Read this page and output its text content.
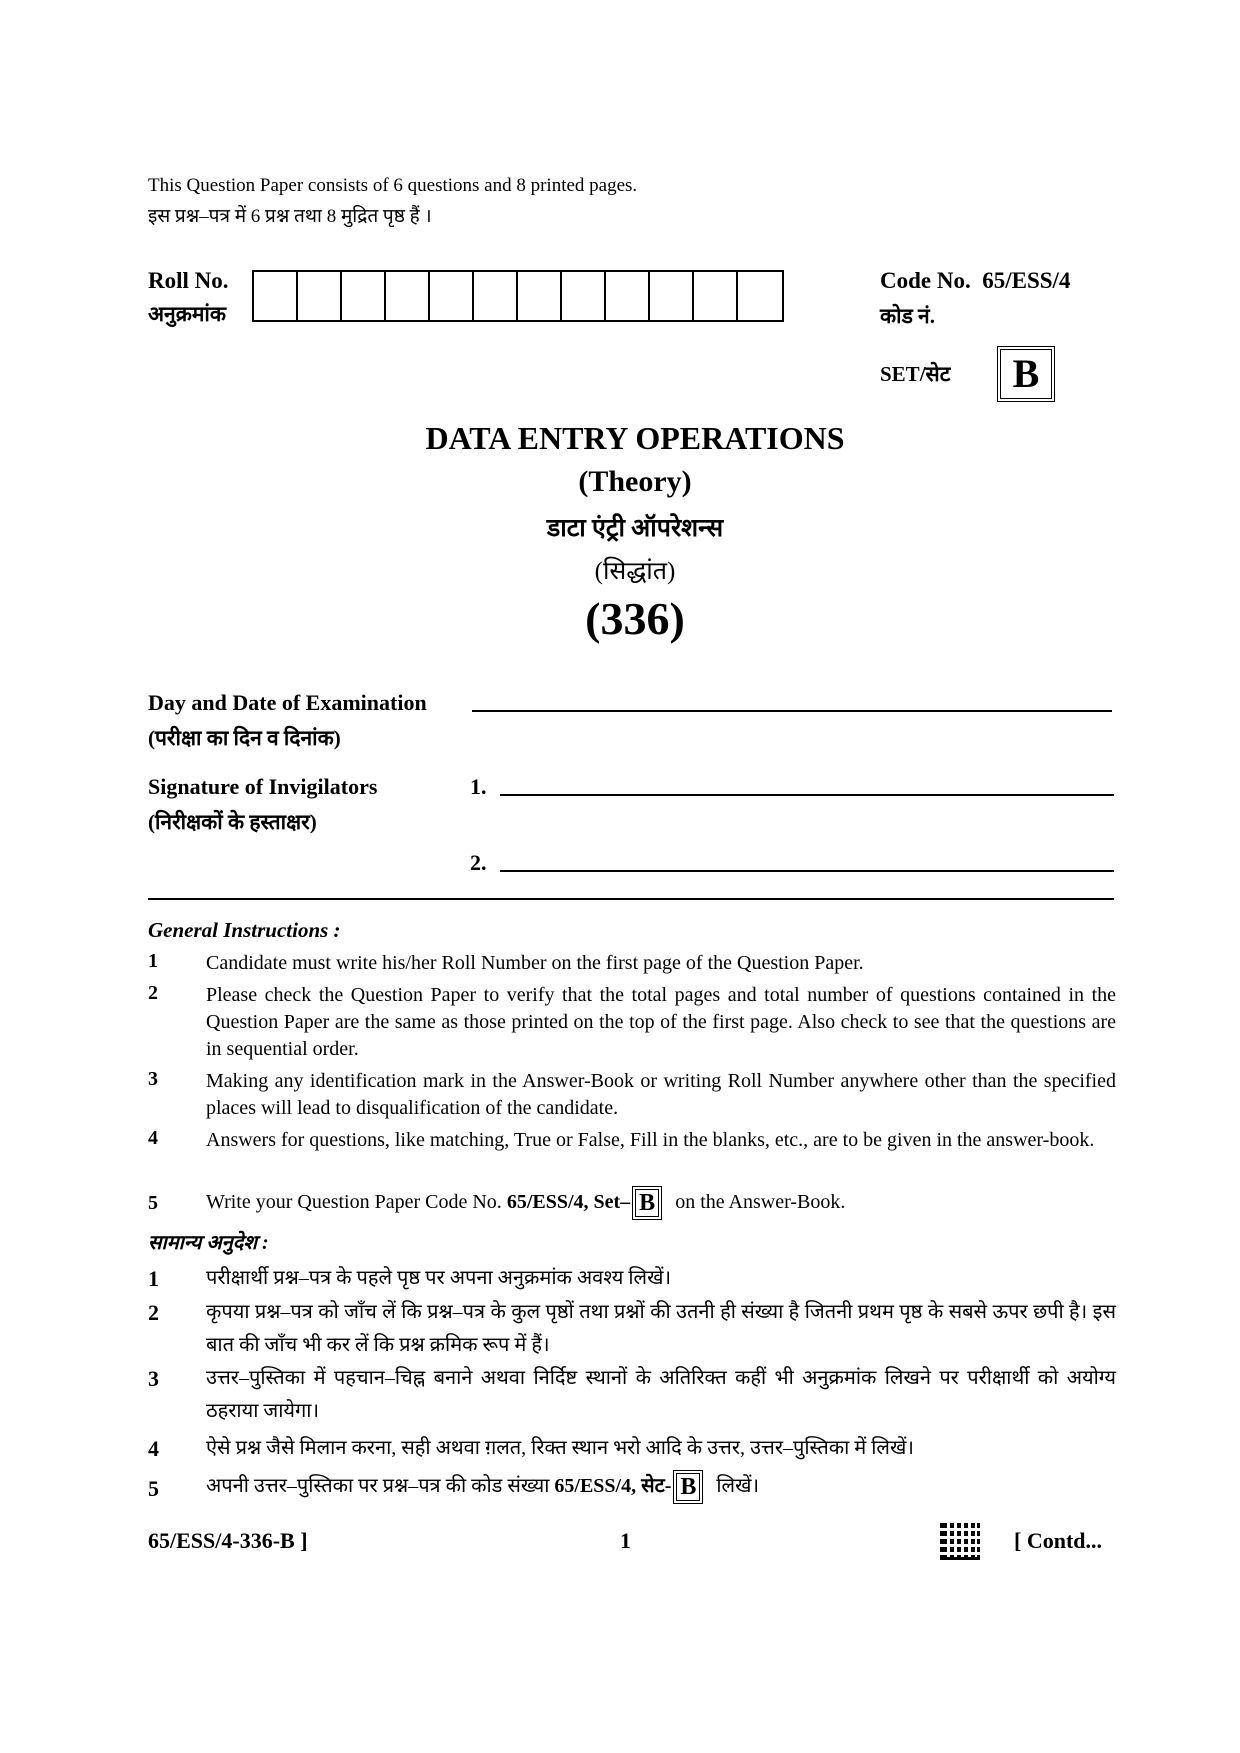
This Question Paper consists of 6 questions and 8 printed pages.
इस प्रश्न–पत्र में 6 प्रश्न तथा 8 मुद्रित पृष्ठ हैं ।
Roll No.
अनुक्रमांक
Code No. 65/ESS/4
कोड नं.
SET/सेट	B
DATA ENTRY OPERATIONS
(Theory)
डाटा एंट्री ऑपरेशन्स
(सिद्धांत)
(336)
Day and Date of Examination
(परीक्षा का दिन व दिनांक)
Signature of Invigilators	1.
(निरीक्षकों के हस्ताक्षर)
2.
General Instructions :
1 Candidate must write his/her Roll Number on the first page of the Question Paper.
2 Please check the Question Paper to verify that the total pages and total number of questions contained in the Question Paper are the same as those printed on the top of the first page. Also check to see that the questions are in sequential order.
3 Making any identification mark in the Answer-Book or writing Roll Number anywhere other than the specified places will lead to disqualification of the candidate.
4 Answers for questions, like matching, True or False, Fill in the blanks, etc., are to be given in the answer-book.
5 Write your Question Paper Code No. 65/ESS/4, Set– B on the Answer-Book.
सामान्य अनुदेश :
1 परीक्षार्थी प्रश्न–पत्र के पहले पृष्ठ पर अपना अनुक्रमांक अवश्य लिखें।
2 कृपया प्रश्न–पत्र को जाँच लें कि प्रश्न–पत्र के कुल पृष्ठों तथा प्रश्नों की उतनी ही संख्या है जितनी प्रथम पृष्ठ के सबसे ऊपर छपी है। इस बात की जाँच भी कर लें कि प्रश्न क्रमिक रूप में हैं।
3 उत्तर–पुस्तिका में पहचान–चिह्न बनाने अथवा निर्दिष्ट स्थानों के अतिरिक्त कहीं भी अनुक्रमांक लिखने पर परीक्षार्थी को अयोग्य ठहराया जायेगा।
4 ऐसे प्रश्न जैसे मिलान करना, सही अथवा ग़लत, रिक्त स्थान भरो आदि के उत्तर, उत्तर–पुस्तिका में लिखें।
5 अपनी उत्तर–पुस्तिका पर प्रश्न–पत्र की कोड संख्या 65/ESS/4, सेट- B लिखें।
65/ESS/4-336-B ]	1	[ Contd...
